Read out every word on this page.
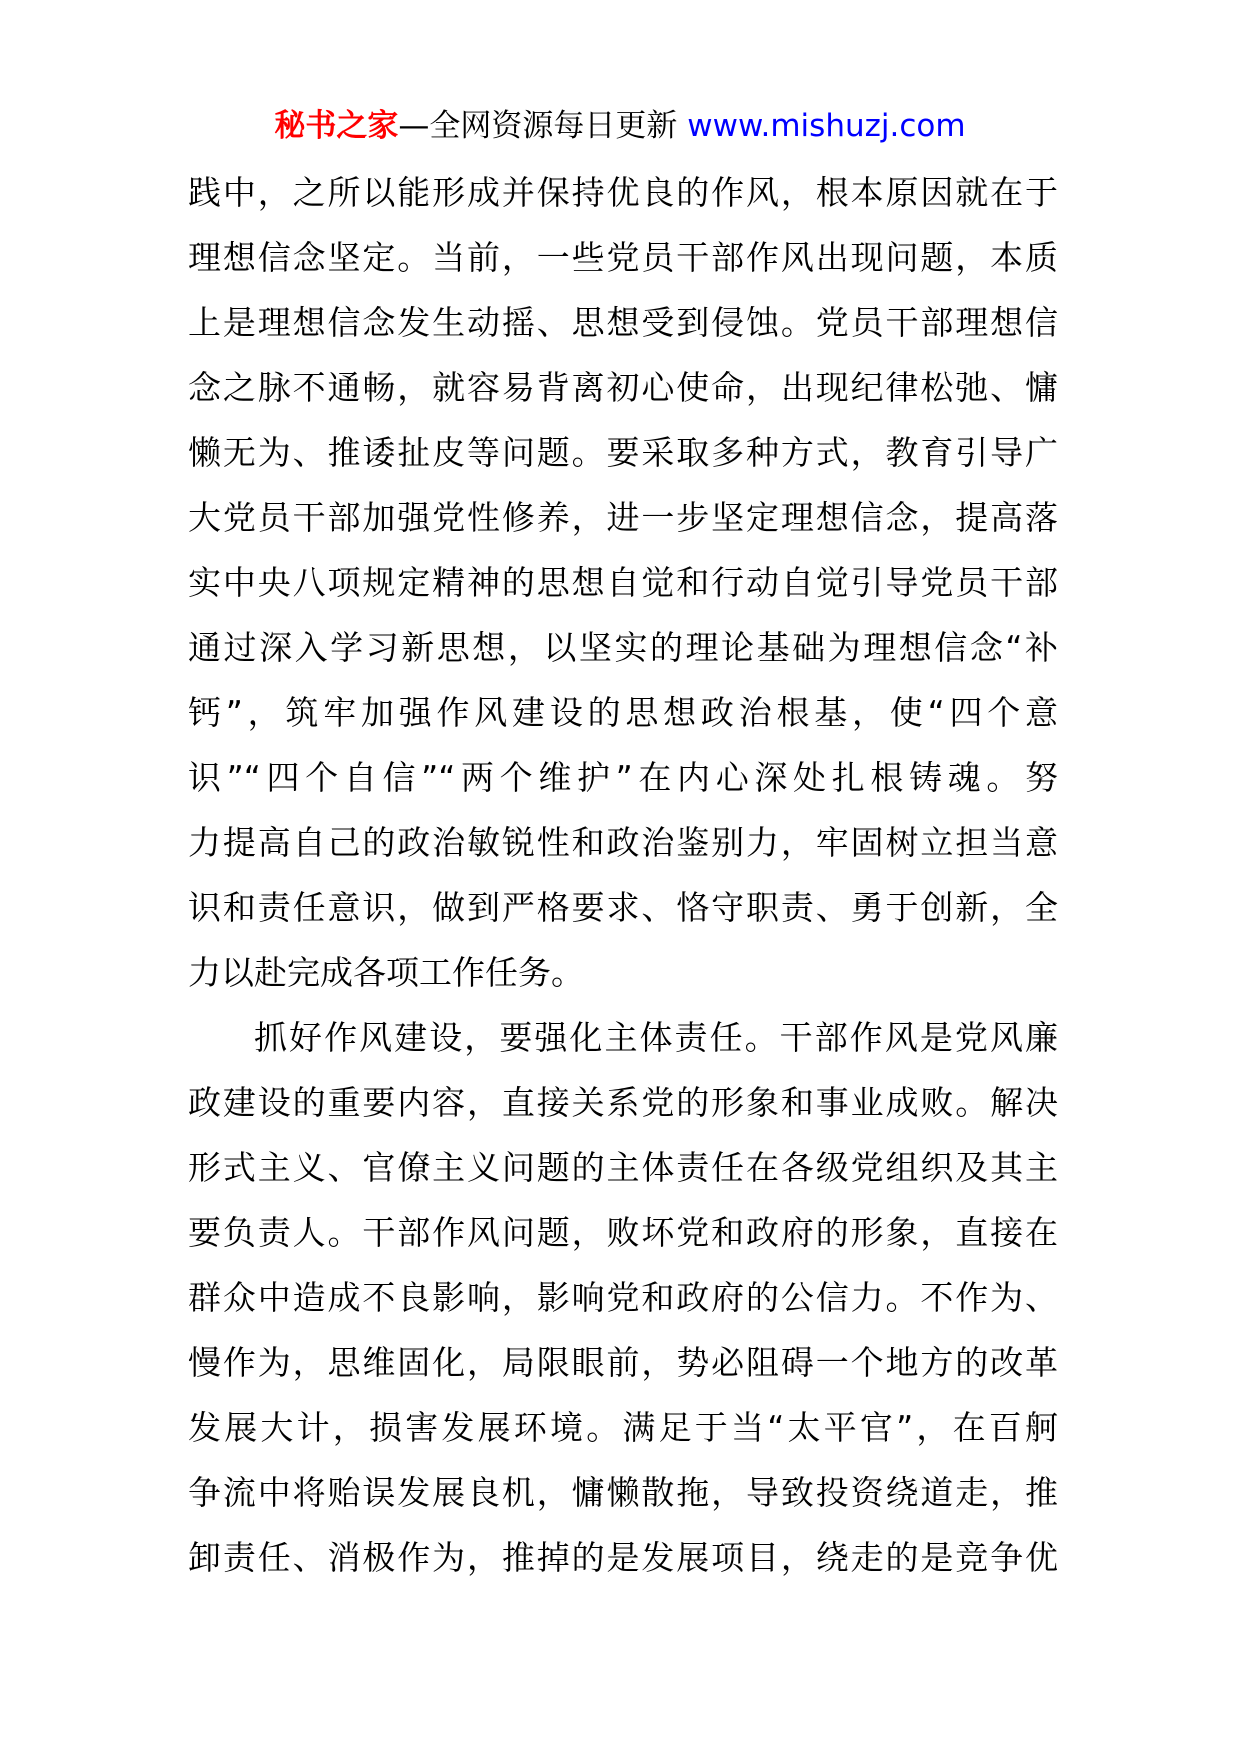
秘书之家—全网资源每日更新 www.mishuzj.com
践中，之所以能形成并保持优良的作风，根本原因就在于
理想信念坚定。当前，一些党员干部作风出现问题，本质
上是理想信念发生动摇、思想受到侵蚀。党员干部理想信
念之脉不通畅，就容易背离初心使命，出现纪律松弛、慵
懒无为、推诿扯皮等问题。要采取多种方式，教育引导广
大党员干部加强党性修养，进一步坚定理想信念，提高落
实中央八项规定精神的思想自觉和行动自觉引导党员干部
通过深入学习新思想，以坚实的理论基础为理想信念“补
钙”，筑牢加强作风建设的思想政治根基，使“四个意
识”“四个自信”“两个维护”在内心深处扎根铸魂。努
力提高自己的政治敏锐性和政治鉴别力，牢固树立担当意
识和责任意识，做到严格要求、恪守职责、勇于创新，全
力以赴完成各项工作任务。
抓好作风建设，要强化主体责任。干部作风是党风廉
政建设的重要内容，直接关系党的形象和事业成败。解决
形式主义、官僚主义问题的主体责任在各级党组织及其主
要负责人。干部作风问题，败坏党和政府的形象，直接在
群众中造成不良影响，影响党和政府的公信力。不作为、
慢作为，思维固化，局限眼前，势必阻碍一个地方的改革
发展大计，损害发展环境。满足于当“太平官”，在百舸
争流中将贻误发展良机，慵懒散拖，导致投资绕道走，推
卸责任、消极作为，推掉的是发展项目，绕走的是竞争优
